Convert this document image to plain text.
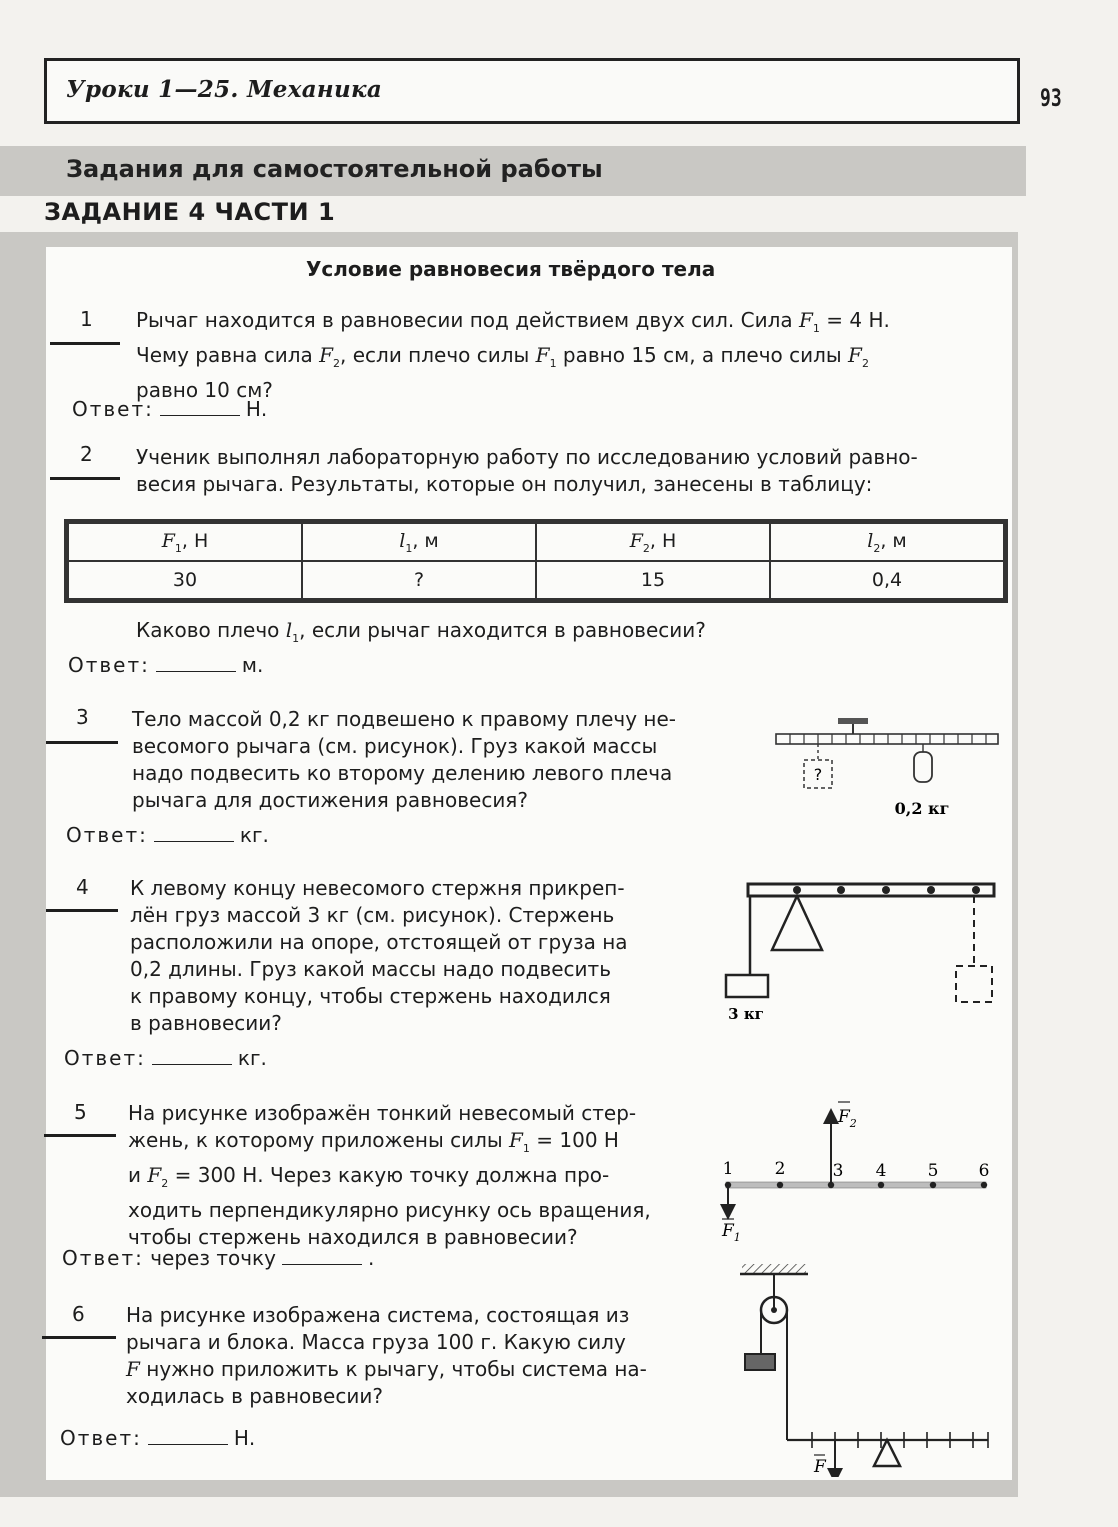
Уроки 1—25. Механика	93
Задания для самостоятельной работы
ЗАДАНИЕ 4 ЧАСТИ 1
Условие равновесия твёрдого тела
1 Рычаг находится в равновесии под действием двух сил. Сила $F_1 = 4$ Н.
Чему равна сила $F_2$, если плечо силы $F_1$ равно 15 см, а плечо силы $F_2$
равно 10 см?
Ответ:	Н.
2 Ученик выполнял лабораторную работу по исследованию условий равно-
весия рычага. Результаты, которые он получил, занесены в таблицу:
$F_1$, Н	$l_1$, м	$F_2$, Н	$l_2$, м
30	?	15	0,4
Каково плечо $l_1$, если рычаг находится в равновесии?
Ответ:	м.
3 Тело массой 0,2 кг подвешено к правому плечу не-
весомого рычага (см. рисунок). Груз какой массы
надо подвесить ко второму делению левого плеча
рычага для достижения равновесия?
?
0,2 кг
Ответ:	кг.
4 К левому концу невесомого стержня прикреп-
лён груз массой 3 кг (см. рисунок). Стержень
расположили на опоре, отстоящей от груза на
0,2 длины. Груз какой массы надо подвесить
к правому концу, чтобы стержень находился
в равновесии?	3 кг
Ответ:	кг.
5 На рисунке изображён тонкий невесомый стер-
жень, к которому приложены силы $F_1 = 100$ Н
и $F_2 = 300$ Н. Через какую точку должна про-
ходить перпендикулярно рисунку ось вращения,
чтобы стержень находился в равновесии?
1 2	3 4 5 6
$F_2$
$F_1$
Ответ: через точку	.
6 На рисунке изображена система, состоящая из
рычага и блока. Масса груза 100 г. Какую силу
F нужно приложить к рычагу, чтобы система на-
ходилась в равновесии?
F
Ответ:	Н.
